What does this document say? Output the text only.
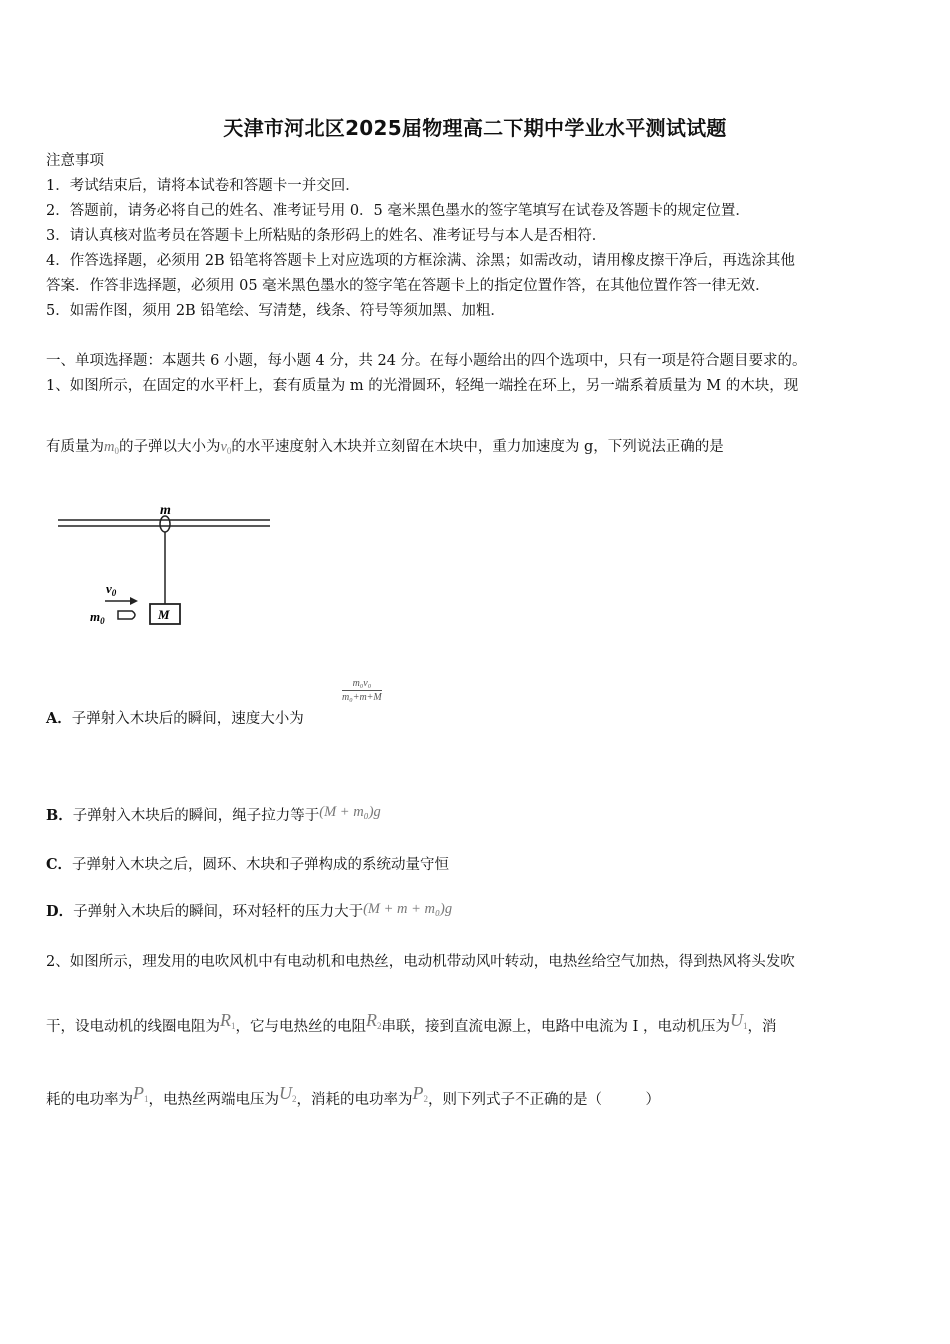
天津市河北区2025届物理高二下期中学业水平测试试题
注意事项
1．考试结束后，请将本试卷和答题卡一并交回．
2．答题前，请务必将自己的姓名、准考证号用 0．5 毫米黑色墨水的签字笔填写在试卷及答题卡的规定位置．
3．请认真核对监考员在答题卡上所粘贴的条形码上的姓名、准考证号与本人是否相符．
4．作答选择题，必须用 2B 铅笔将答题卡上对应选项的方框涂满、涂黑；如需改动，请用橡皮擦干净后，再选涂其他
答案．作答非选择题，必须用 05 毫米黑色墨水的签字笔在答题卡上的指定位置作答，在其他位置作答一律无效．
5．如需作图，须用 2B 铅笔绘、写清楚，线条、符号等须加黑、加粗．
一、单项选择题：本题共 6 小题，每小题 4 分，共 24 分。在每小题给出的四个选项中，只有一项是符合题目要求的。
1、如图所示，在固定的水平杆上，套有质量为 m 的光滑圆环，轻绳一端拴在环上，另一端系着质量为 M 的木块，现
有质量为$m_0$的子弹以大小为$v_0$的水平速度射入木块并立刻留在木块中，重力加速度为 g，下列说法正确的是
m
M
$v_0$
$m_0$
$\frac{\text{m₀v₀}}{\text{m₀+m+M}}$
A．子弹射入木块后的瞬间，速度大小为
B．子弹射入木块后的瞬间，绳子拉力等于(M + m₀)g
C．子弹射入木块之后，圆环、木块和子弹构成的系统动量守恒
D．子弹射入木块后的瞬间，环对轻杆的压力大于(M + m + m₀)g
2、如图所示，理发用的电吹风机中有电动机和电热丝，电动机带动风叶转动，电热丝给空气加热，得到热风将头发吹
干，设电动机的线圈电阻为R1，它与电热丝的电阻R2串联，接到直流电源上，电路中电流为 I ，电动机压为U1，消
耗的电功率为P1，电热丝两端电压为U2，消耗的电功率为P2，则下列式子不正确的是（　　　）
